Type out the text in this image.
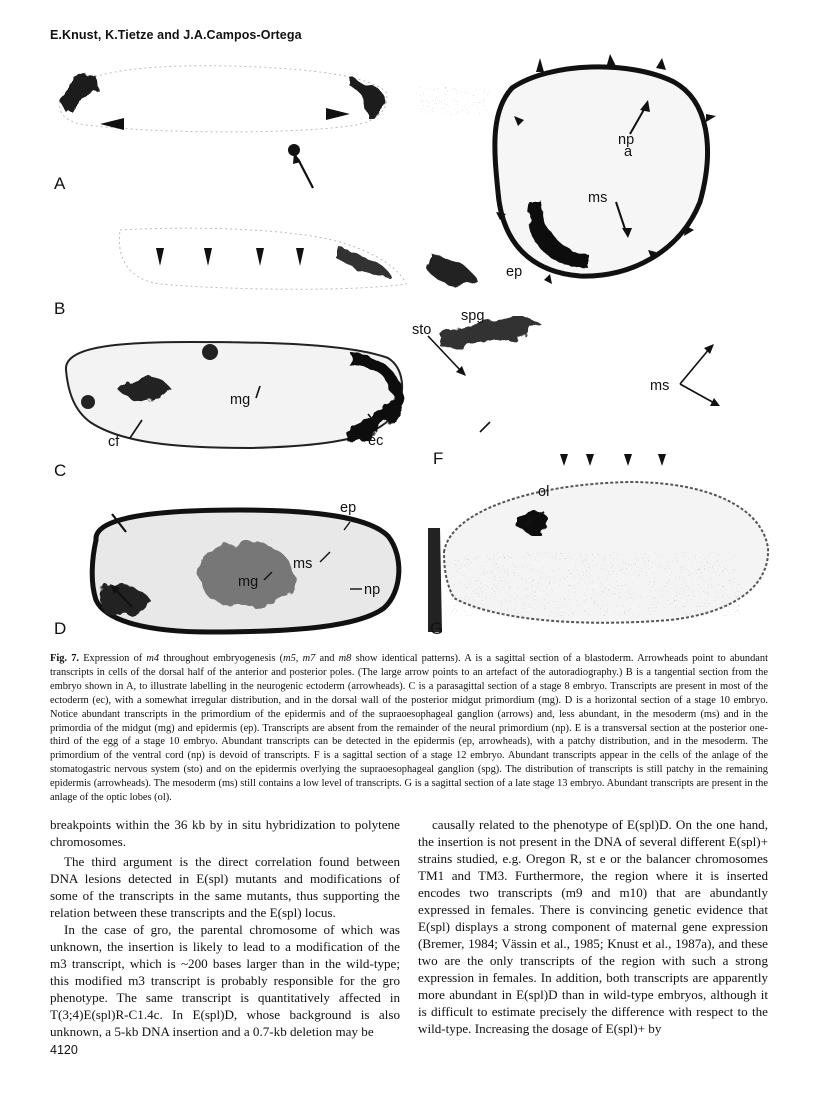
E.Knust, K.Tietze and J.A.Campos-Ortega
A
B
mg
cf	ec
C
ep
mg
ms
np
D
np
a
ms
ep
spg
sto
ms
F
ol
G
Fig. 7. Expression of m4 throughout embryogenesis (m5, m7 and m8 show identical patterns). A is a sagittal section of a blastoderm. Arrowheads point to abundant transcripts in cells of the dorsal half of the anterior and posterior poles. (The large arrow points to an artefact of the autoradiography.) B is a tangential section from the embryo shown in A, to illustrate labelling in the neurogenic ectoderm (arrowheads). C is a parasagittal section of a stage 8 embryo. Transcripts are present in most of the ectoderm (ec), with a somewhat irregular distribution, and in the dorsal wall of the posterior midgut primordium (mg). D is a horizontal section of a stage 10 embryo. Notice abundant transcripts in the primordium of the epidermis and of the supraoesophageal ganglion (arrows) and, less abundant, in the mesoderm (ms) and in the primordia of the midgut (mg) and epidermis (ep). Transcripts are absent from the remainder of the neural primordium (np). E is a transversal section at the posterior one-third of the egg of a stage 10 embryo. Abundant transcripts can be detected in the epidermis (ep, arrowheads), with a patchy distribution, and in the mesoderm. The primordium of the ventral cord (np) is devoid of transcripts. F is a sagittal section of a stage 12 embryo. Abundant transcripts appear in the cells of the anlage of the stomatogastric nervous system (sto) and on the epidermis overlying the supraoesophageal ganglion (spg). The distribution of transcripts is still patchy in the remaining epidermis (arrowheads). The mesoderm (ms) still contains a low level of transcripts. G is a sagittal section of a late stage 13 embryo. Abundant transcripts are present in the anlage of the optic lobes (ol).

breakpoints within the 36 kb by in situ hybridization to polytene chromosomes.

The third argument is the direct correlation found between DNA lesions detected in E(spl) mutants and modifications of some of the transcripts in the same mutants, thus supporting the relation between these transcripts and the E(spl) locus.

In the case of gro, the parental chromosome of which was unknown, the insertion is likely to lead to a modification of the m3 transcript, which is ~200 bases larger than in the wild-type; this modified m3 transcript is probably responsible for the gro phenotype. The same transcript is quantitatively affected in T(3;4)E(spl)R-C1.4c. In E(spl)D, whose background is also unknown, a 5-kb DNA insertion and a 0.7-kb deletion may be

causally related to the phenotype of E(spl)D. On the one hand, the insertion is not present in the DNA of several different E(spl)+ strains studied, e.g. Oregon R, st e or the balancer chromosomes TM1 and TM3. Furthermore, the region where it is inserted encodes two transcripts (m9 and m10) that are abundantly expressed in females. There is convincing genetic evidence that E(spl) displays a strong component of maternal gene expression (Bremer, 1984; Vässin et al., 1985; Knust et al., 1987a), and these two are the only transcripts of the region with such a strong expression in females. In addition, both transcripts are apparently more abundant in E(spl)D than in wild-type embryos, although it is difficult to estimate precisely the difference with respect to the wild-type. Increasing the dosage of E(spl)+ by

4120
